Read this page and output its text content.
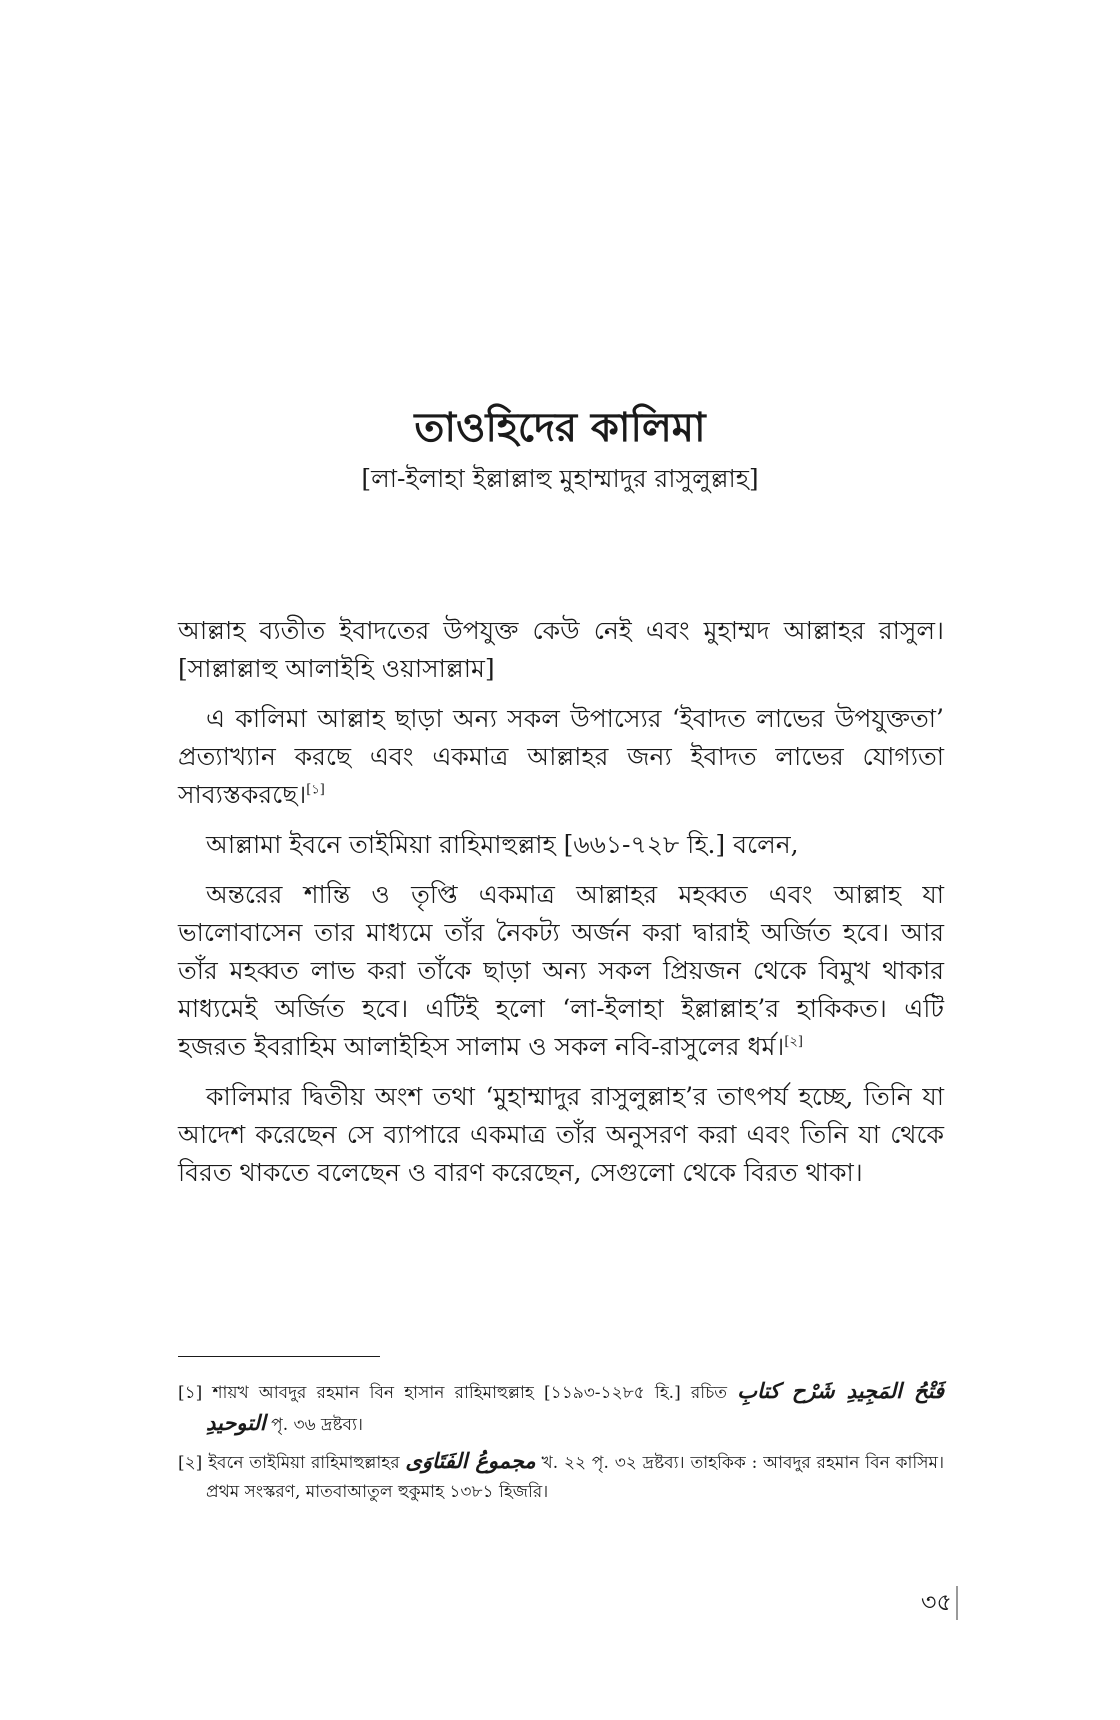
তাওহিদের কালিমা
[লা-ইলাহা ইল্লাল্লাহু মুহাম্মাদুর রাসুলুল্লাহ]

আল্লাহ ব্যতীত ইবাদতের উপযুক্ত কেউ নেই এবং মুহাম্মদ আল্লাহর রাসুল। [সাল্লাল্লাহু আলাইহি ওয়াসাল্লাম]

এ কালিমা আল্লাহ ছাড়া অন্য সকল উপাস্যের ‘ইবাদত লাভের উপযুক্ততা’ প্রত্যাখ্যান করছে এবং একমাত্র আল্লাহর জন্য ইবাদত লাভের যোগ্যতা সাব্যস্তকরছে।[১]

আল্লামা ইবনে তাইমিয়া রাহিমাহুল্লাহ [৬৬১-৭২৮ হি.] বলেন,

অন্তরের শান্তি ও তৃপ্তি একমাত্র আল্লাহর মহব্বত এবং আল্লাহ যা ভালোবাসেন তার মাধ্যমে তাঁর নৈকট্য অর্জন করা দ্বারাই অর্জিত হবে। আর তাঁর মহব্বত লাভ করা তাঁকে ছাড়া অন্য সকল প্রিয়জন থেকে বিমুখ থাকার মাধ্যমেই অর্জিত হবে। এটিই হলো ‘লা-ইলাহা ইল্লাল্লাহ’র হাকিকত। এটি হজরত ইবরাহিম আলাইহিস সালাম ও সকল নবি-রাসুলের ধর্ম।[২]

কালিমার দ্বিতীয় অংশ তথা ‘মুহাম্মাদুর রাসুলুল্লাহ’র তাৎপর্য হচ্ছে, তিনি যা আদেশ করেছেন সে ব্যাপারে একমাত্র তাঁর অনুসরণ করা এবং তিনি যা থেকে বিরত থাকতে বলেছেন ও বারণ করেছেন, সেগুলো থেকে বিরত থাকা।

[১] শায়খ আবদুর রহমান বিন হাসান রাহিমাহুল্লাহ [১১৯৩-১২৮৫ হি.] রচিত فَتْحُ المَجِيدِ شَرْح كتابِ التوحيدِ পৃ. ৩৬ দ্রষ্টব্য।
[২] ইবনে তাইমিয়া রাহিমাহুল্লাহর مجموعُ الفَتَاوَى খ. ২২ পৃ. ৩২ দ্রষ্টব্য। তাহকিক : আবদুর রহমান বিন কাসিম। প্রথম সংস্করণ, মাতবাআতুল হুকুমাহ ১৩৮১ হিজরি।
৩৫
